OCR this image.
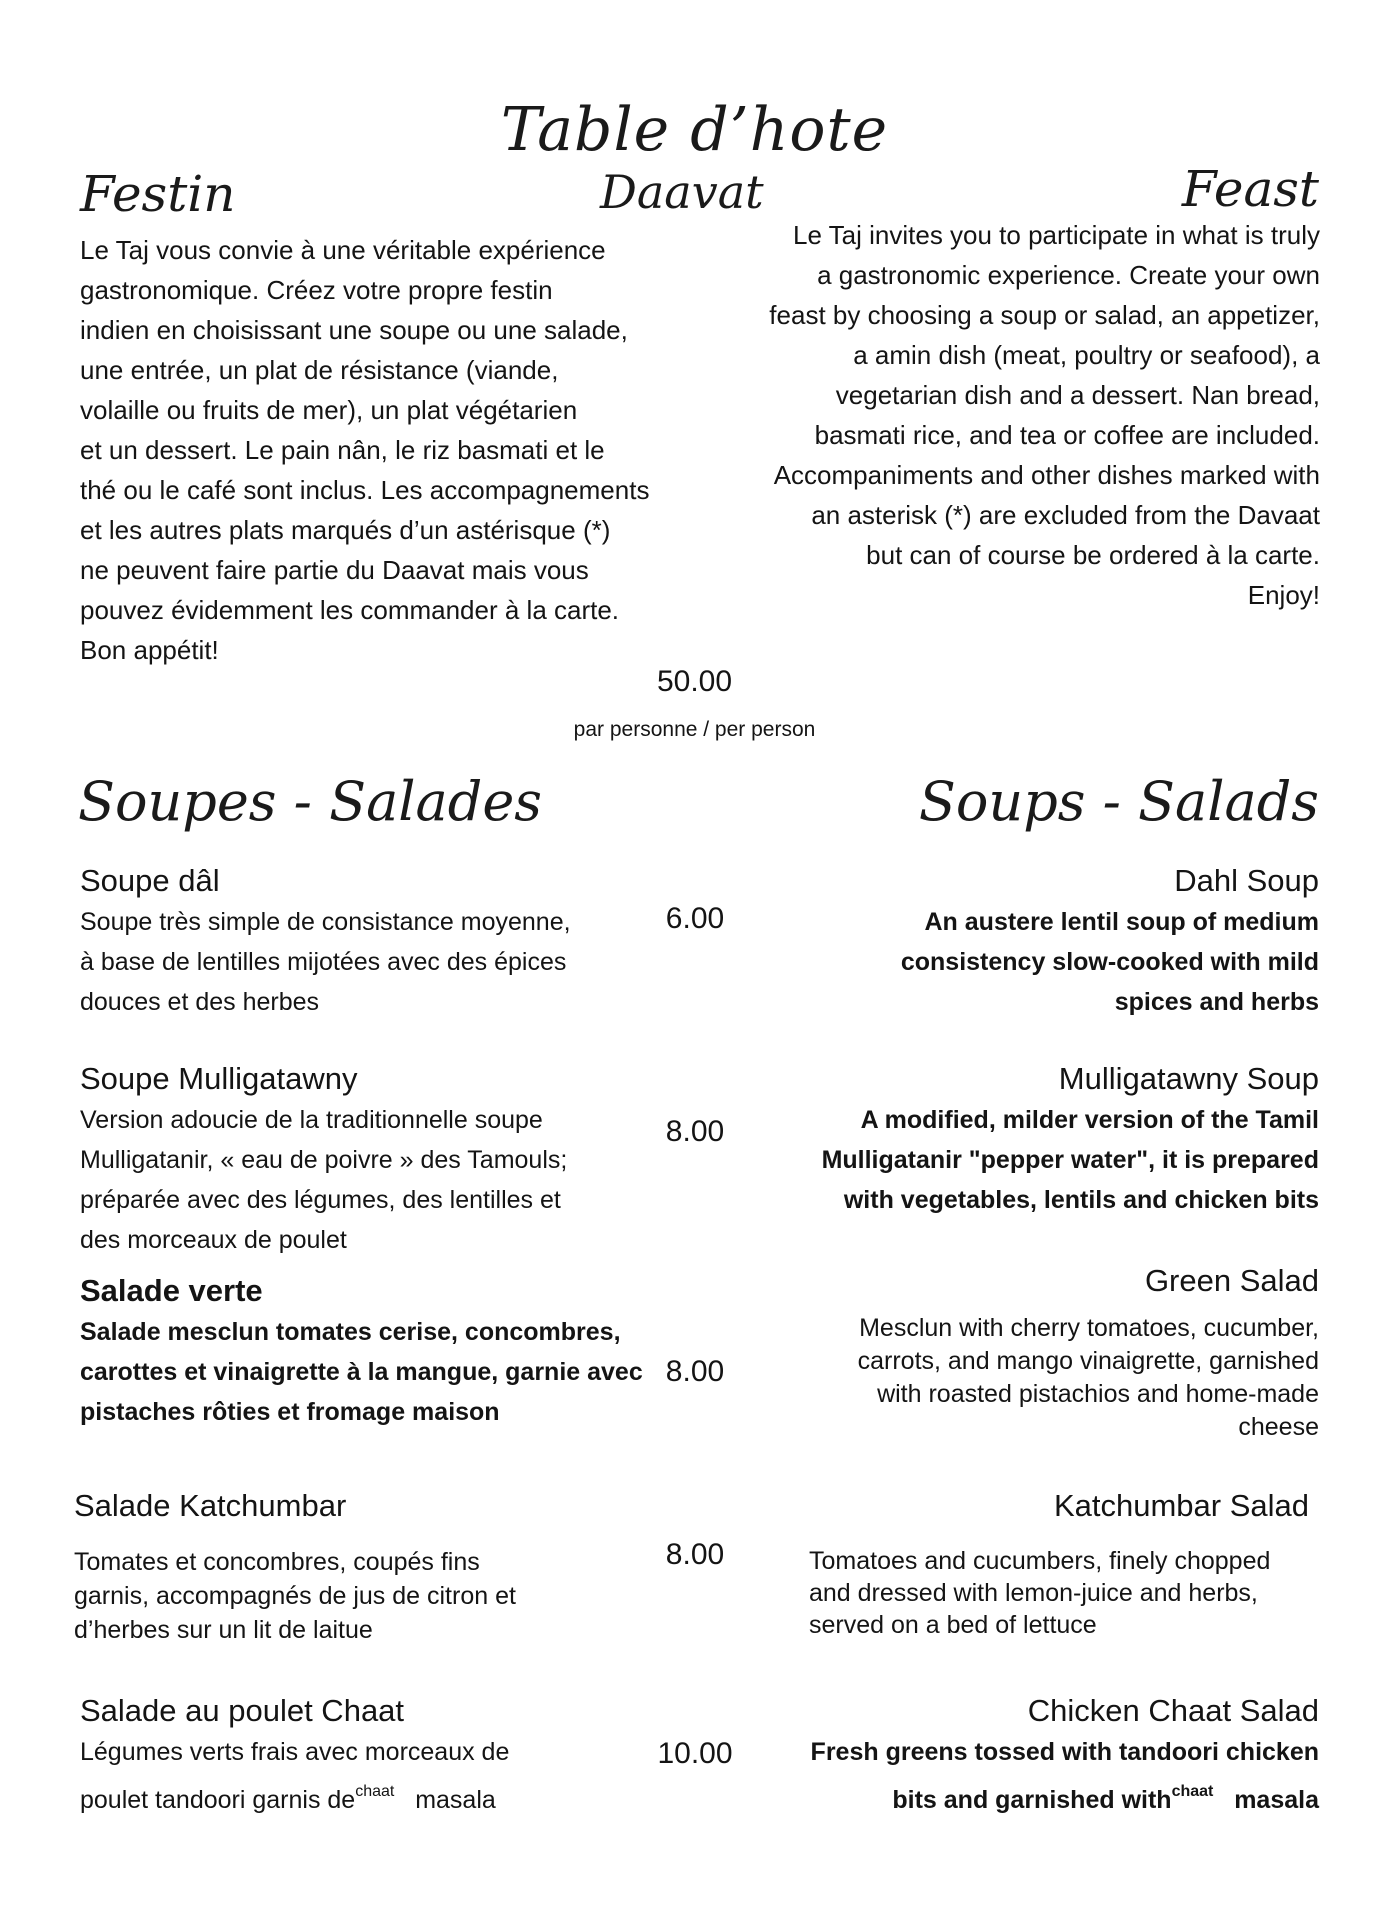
Table d’hote
Festin	Daavat	Feast
Le Taj vous convie à une véritable expérience
gastronomique. Créez votre propre festin
indien en choisissant une soupe ou une salade,
une entrée, un plat de résistance (viande,
volaille ou fruits de mer), un plat végétarien
et un dessert. Le pain nân, le riz basmati et le
thé ou le café sont inclus. Les accompagnements
et les autres plats marqués d’un astérisque (*)
ne peuvent faire partie du Daavat mais vous
pouvez évidemment les commander à la carte.
Bon appétit!
Le Taj invites you to participate in what is truly
a gastronomic experience. Create your own
feast by choosing a soup or salad, an appetizer,
a amin dish (meat, poultry or seafood), a
vegetarian dish and a dessert. Nan bread,
basmati rice, and tea or coffee are included.
Accompaniments and other dishes marked with
an asterisk (*) are excluded from the Davaat
but can of course be ordered à la carte.
Enjoy!
50.00
par personne / per person
Soupes - Salades	Soups - Salads
Soupe dâl
Soupe très simple de consistance moyenne,
à base de lentilles mijotées avec des épices
douces et des herbes
6.00
Dahl Soup
An austere lentil soup of medium
consistency slow-cooked with mild
spices and herbs
Soupe Mulligatawny
Version adoucie de la traditionnelle soupe
Mulligatanir, « eau de poivre » des Tamouls;
préparée avec des légumes, des lentilles et
des morceaux de poulet
8.00
Mulligatawny Soup
A modified, milder version of the Tamil
Mulligatanir "pepper water", it is prepared
with vegetables, lentils and chicken bits
Salade verte
Salade mesclun tomates cerise, concombres,
carottes et vinaigrette à la mangue, garnie avec
pistaches rôties et fromage maison
8.00
Green Salad
Mesclun with cherry tomatoes, cucumber,
carrots, and mango vinaigrette, garnished
with roasted pistachios and home-made
cheese
Salade Katchumbar
Tomates et concombres, coupés fins
garnis, accompagnés de jus de citron et
d’herbes sur un lit de laitue
8.00
Katchumbar Salad
Tomatoes and cucumbers, finely chopped
and dressed with lemon-juice and herbs,
served on a bed of lettuce
Salade au poulet Chaat
Légumes verts frais avec morceaux de
poulet tandoori garnis $de^{chaat}$ masala
10.00
Chicken Chaat Salad
Fresh greens tossed with tandoori chicken
bits and garnished with$^{chaat}$ masala
